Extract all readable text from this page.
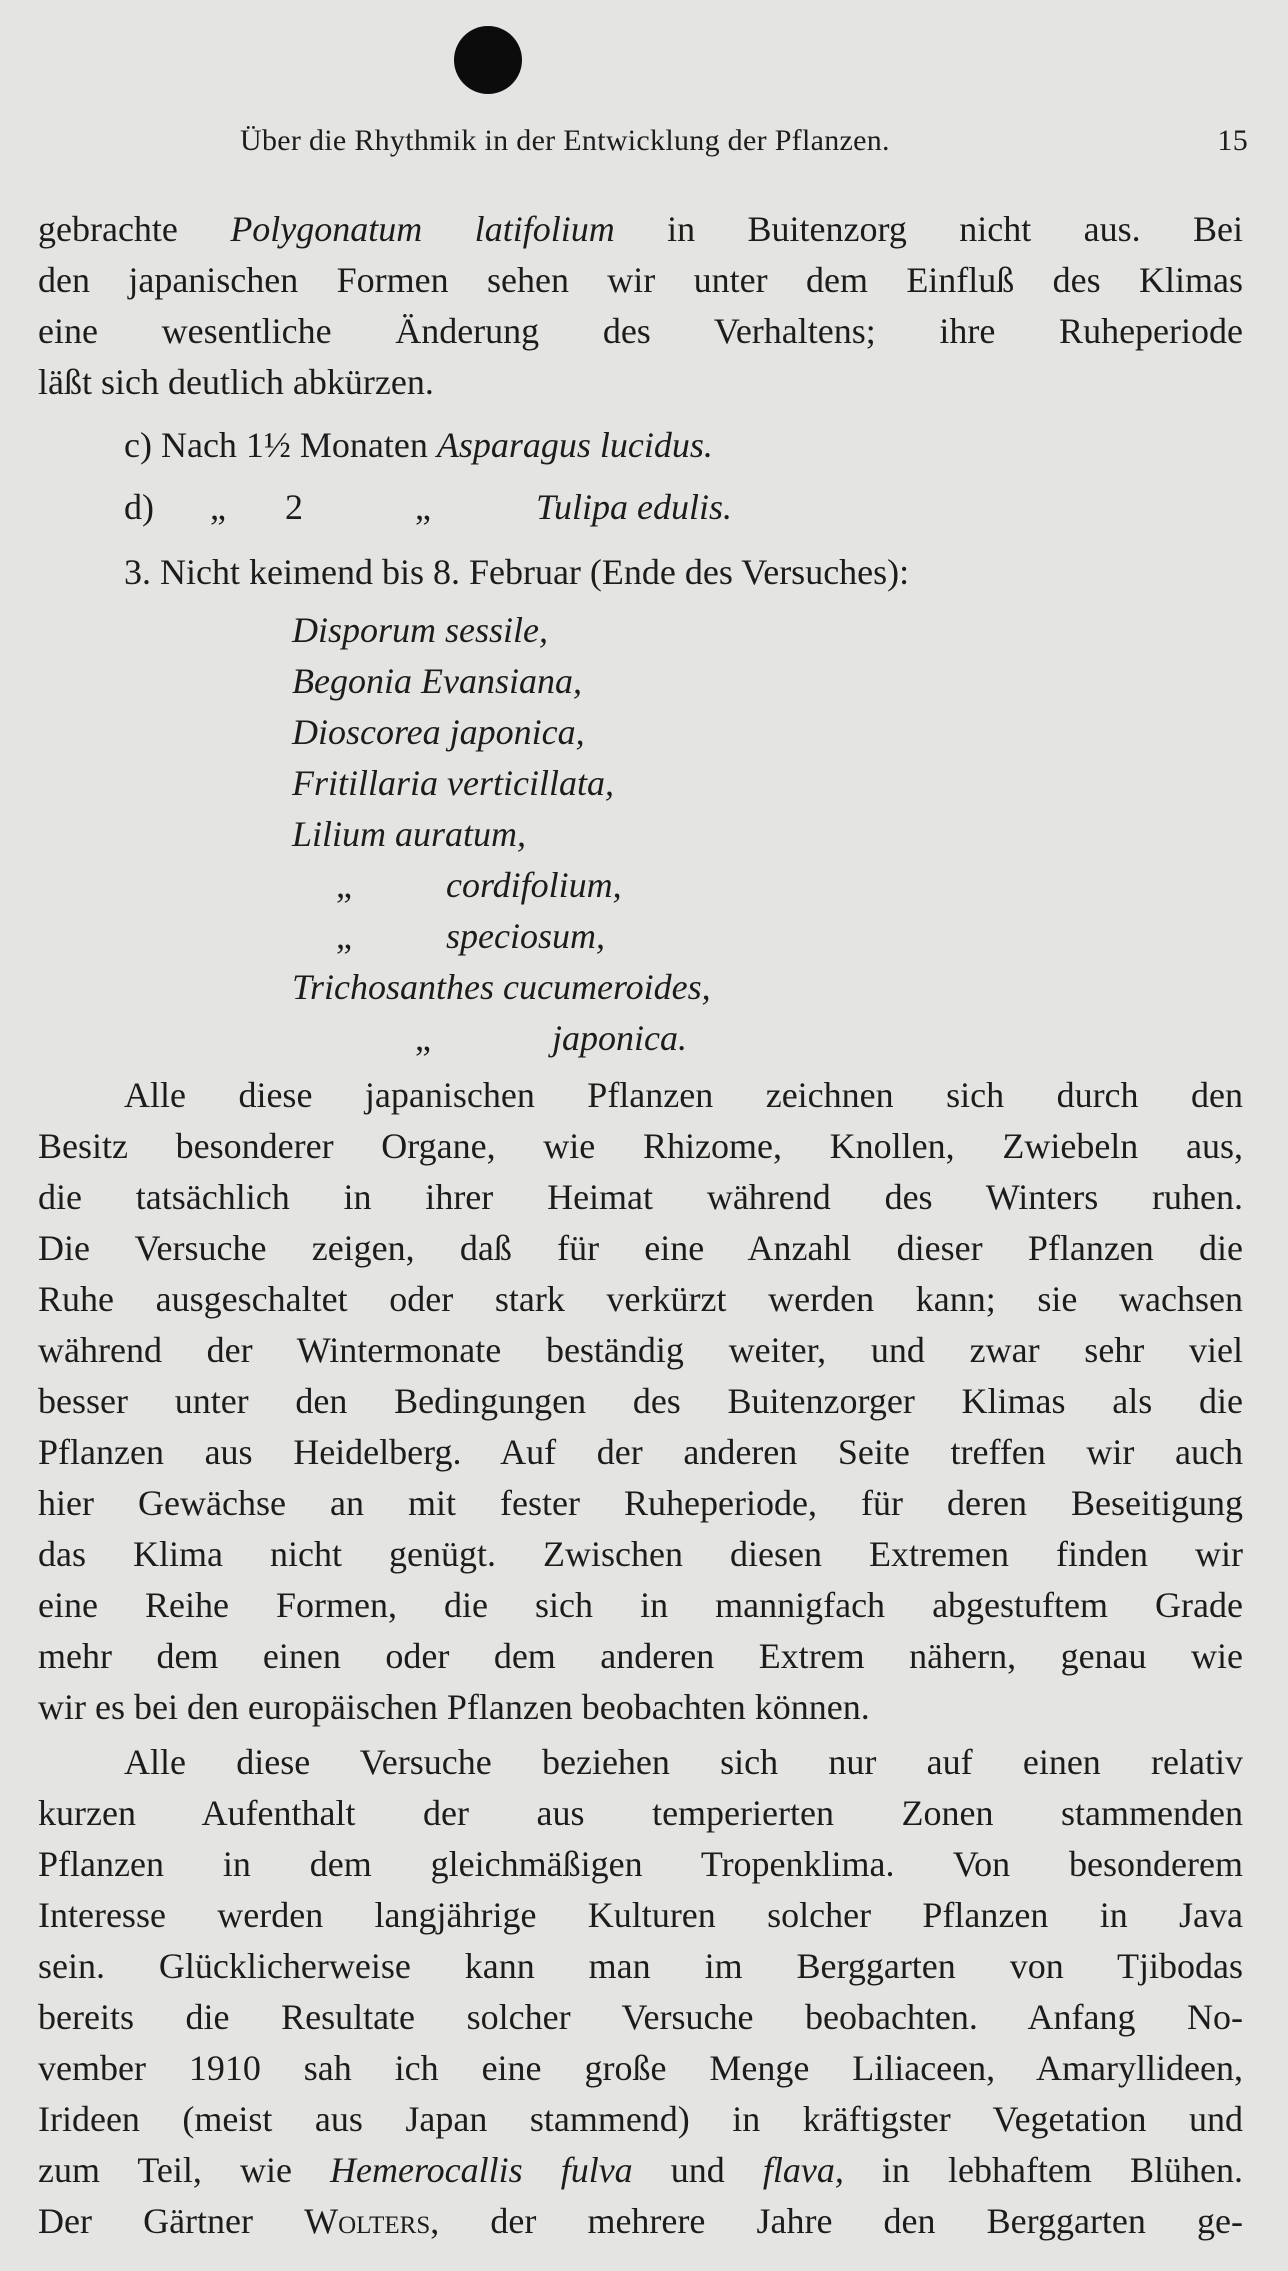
Über die Rhythmik in der Entwicklung der Pflanzen.	15
gebrachte Polygonatum latifolium in Buitenzorg nicht aus. Bei
den japanischen Formen sehen wir unter dem Einfluß des Klimas
eine wesentliche Änderung des Verhaltens; ihre Ruheperiode
läßt sich deutlich abkürzen.
c) Nach 1½ Monaten Asparagus lucidus.
d) „ 2	„	Tulipa edulis.
3. Nicht keimend bis 8. Februar (Ende des Versuches):
Disporum sessile,
Begonia Evansiana,
Dioscorea japonica,
Fritillaria verticillata,
Lilium auratum,
„	cordifolium,
„	speciosum,
Trichosanthes cucumeroides,
„	japonica.
Alle diese japanischen Pflanzen zeichnen sich durch den
Besitz besonderer Organe, wie Rhizome, Knollen, Zwiebeln aus,
die tatsächlich in ihrer Heimat während des Winters ruhen.
Die Versuche zeigen, daß für eine Anzahl dieser Pflanzen die
Ruhe ausgeschaltet oder stark verkürzt werden kann; sie wachsen
während der Wintermonate beständig weiter, und zwar sehr viel
besser unter den Bedingungen des Buitenzorger Klimas als die
Pflanzen aus Heidelberg. Auf der anderen Seite treffen wir auch
hier Gewächse an mit fester Ruheperiode, für deren Beseitigung
das Klima nicht genügt. Zwischen diesen Extremen finden wir
eine Reihe Formen, die sich in mannigfach abgestuftem Grade
mehr dem einen oder dem anderen Extrem nähern, genau wie
wir es bei den europäischen Pflanzen beobachten können.
Alle diese Versuche beziehen sich nur auf einen relativ
kurzen Aufenthalt der aus temperierten Zonen stammenden
Pflanzen in dem gleichmäßigen Tropenklima. Von besonderem
Interesse werden langjährige Kulturen solcher Pflanzen in Java
sein. Glücklicherweise kann man im Berggarten von Tjibodas
bereits die Resultate solcher Versuche beobachten. Anfang No-
vember 1910 sah ich eine große Menge Liliaceen, Amaryllideen,
Irideen (meist aus Japan stammend) in kräftigster Vegetation und
zum Teil, wie Hemerocallis fulva und flava, in lebhaftem Blühen.
Der Gärtner Wolters, der mehrere Jahre den Berggarten ge-
